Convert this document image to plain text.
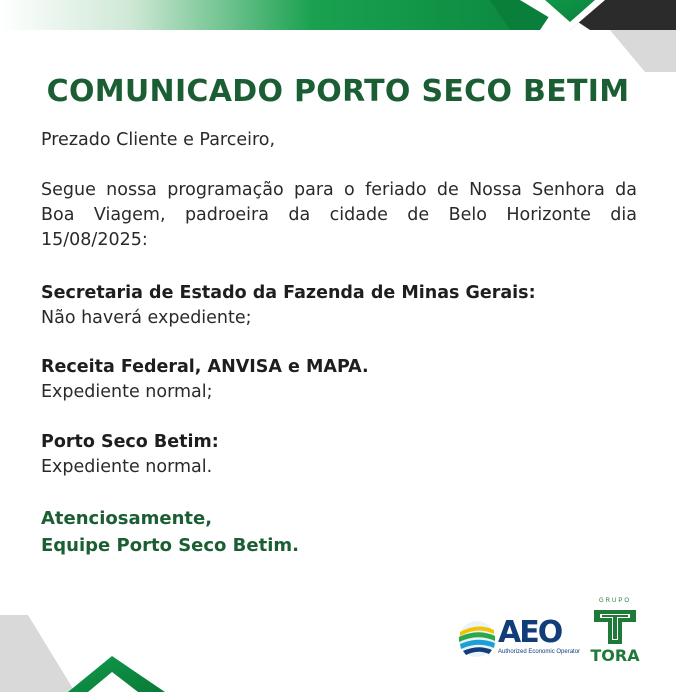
COMUNICADO PORTO SECO BETIM
Prezado Cliente e Parceiro,
Segue nossa programação para o feriado de Nossa Senhora da Boa Viagem, padroeira da cidade de Belo Horizonte dia 15/08/2025:
Secretaria de Estado da Fazenda de Minas Gerais:
Não haverá expediente;
Receita Federal, ANVISA e MAPA.
Expediente normal;
Porto Seco Betim:
Expediente normal.
Atenciosamente,
Equipe Porto Seco Betim.
AEO
Authorized Economic Operator
GRUPO
TORA
